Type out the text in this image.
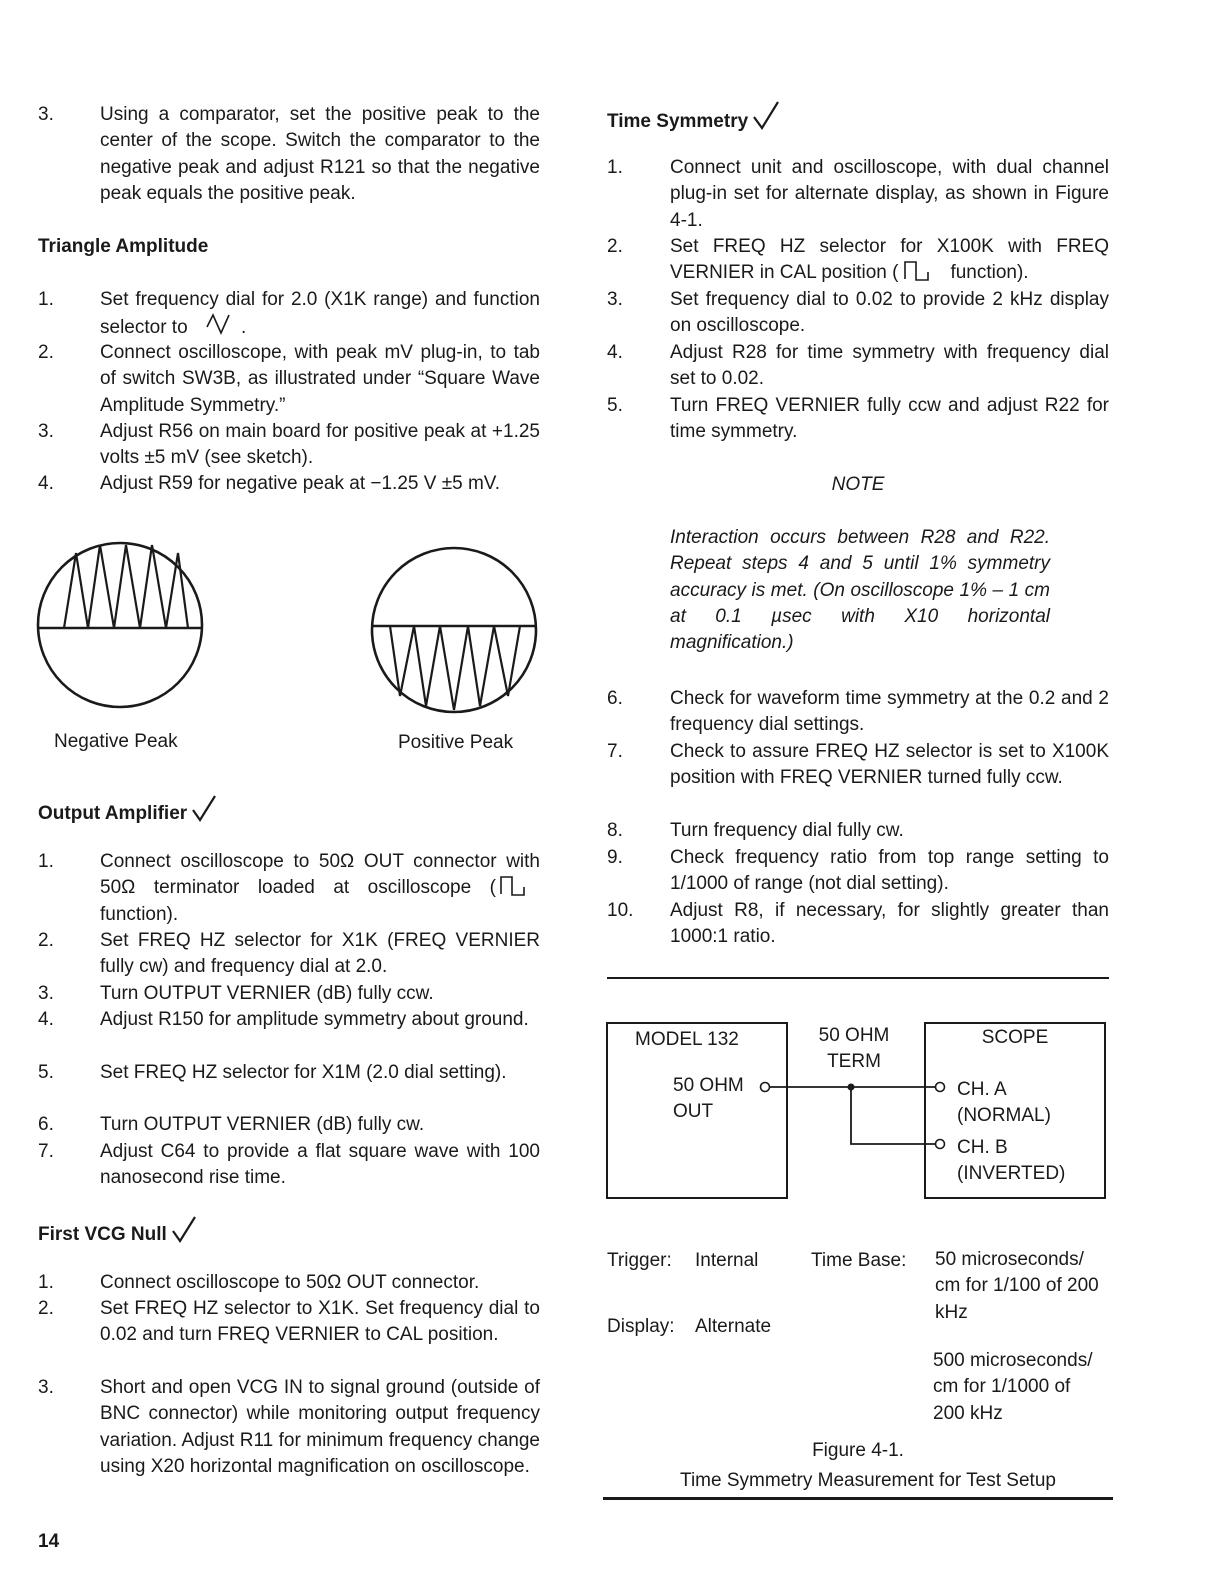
3. Using a comparator, set the positive peak to the center of the scope. Switch the comparator to the negative peak and adjust R121 so that the negative peak equals the positive peak.
Triangle Amplitude
1. Set frequency dial for 2.0 (X1K range) and function selector to	.
2. Connect oscilloscope, with peak mV plug-in, to tab of switch SW3B, as illustrated under “Square Wave Amplitude Symmetry.”
3. Adjust R56 on main board for positive peak at +1.25 volts ±5 mV (see sketch).
4. Adjust R59 for negative peak at −1.25 V ±5 mV.
Negative Peak	Positive Peak
Output Amplifier
1. Connect oscilloscope to 50Ω OUT connector with 50Ω terminator loaded at oscilloscope (function).
2. Set FREQ HZ selector for X1K (FREQ VERNIER fully cw) and frequency dial at 2.0.
3. Turn OUTPUT VERNIER (dB) fully ccw.
4. Adjust R150 for amplitude symmetry about ground.
5. Set FREQ HZ selector for X1M (2.0 dial setting).
6. Turn OUTPUT VERNIER (dB) fully cw.
7. Adjust C64 to provide a flat square wave with 100 nanosecond rise time.
First VCG Null
1. Connect oscilloscope to 50Ω OUT connector.
2. Set FREQ HZ selector to X1K. Set frequency dial to 0.02 and turn FREQ VERNIER to CAL position.
3. Short and open VCG IN to signal ground (outside of BNC connector) while monitoring output frequency variation. Adjust R11 for minimum frequency change using X20 horizontal magnification on oscilloscope.
14
Time Symmetry
1. Connect unit and oscilloscope, with dual channel plug-in set for alternate display, as shown in Figure 4-1.
2. Set FREQ HZ selector for X100K with FREQ VERNIER in CAL position (	function).
3. Set frequency dial to 0.02 to provide 2 kHz display on oscilloscope.
4. Adjust R28 for time symmetry with frequency dial set to 0.02.
5. Turn FREQ VERNIER fully ccw and adjust R22 for time symmetry.
NOTE
Interaction occurs between R28 and R22. Repeat steps 4 and 5 until 1% symmetry accuracy is met. (On oscilloscope 1% – 1 cm at 0.1 µsec with X10 horizontal magnification.)
6. Check for waveform time symmetry at the 0.2 and 2 frequency dial settings.
7. Check to assure FREQ HZ selector is set to X100K position with FREQ VERNIER turned fully ccw.
8. Turn frequency dial fully cw.
9. Check frequency ratio from top range setting to 1/1000 of range (not dial setting).
10. Adjust R8, if necessary, for slightly greater than 1000:1 ratio.
MODEL 132
50 OHM
OUT
50 OHM
TERM
SCOPE
CH. A
(NORMAL)
CH. B
(INVERTED)
Trigger: Internal
Display: Alternate
Time Base: 50 microseconds/ cm for 1/100 of 200 kHz
500 microseconds/ cm for 1/1000 of 200 kHz
Figure 4-1.
Time Symmetry Measurement for Test Setup
